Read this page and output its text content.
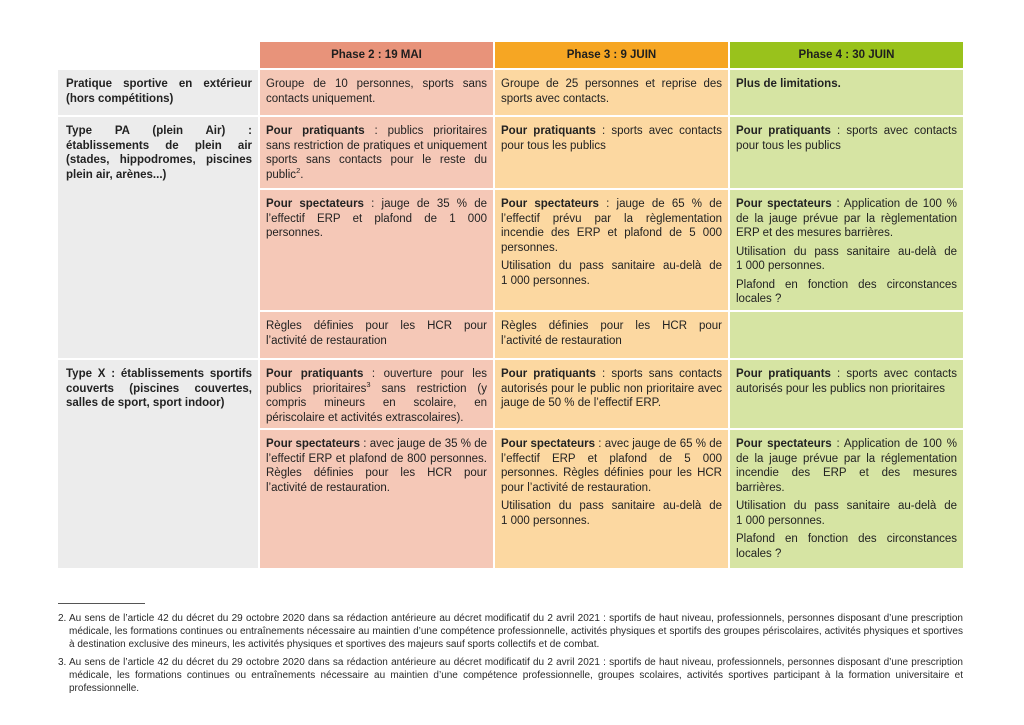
Phase 2 : 19 MAI	Phase 3 : 9 JUIN	Phase 4 : 30 JUIN

Pratique sportive en extérieur (hors compétitions)

Groupe de 10 personnes, sports sans contacts uniquement.

Groupe de 25 personnes et reprise des sports avec contacts.

Plus de limitations.

Type PA (plein Air) : établissements de plein air (stades, hippodromes, piscines plein air, arènes...)

Pour pratiquants : publics prioritaires sans restriction de pratiques et uniquement sports sans contacts pour le reste du public$^2$.

Pour pratiquants : sports avec contacts pour tous les publics

Pour pratiquants : sports avec contacts pour tous les publics

Pour spectateurs : jauge de 35 % de l’effectif ERP et plafond de 1 000 personnes.

Pour spectateurs : jauge de 65 % de l’effectif prévu par la règlementation incendie des ERP et plafond de 5 000 personnes.

Utilisation du pass sanitaire au-delà de 1 000 personnes.

Pour spectateurs : Application de 100 % de la jauge prévue par la règlementation ERP et des mesures barrières.

Utilisation du pass sanitaire au-delà de 1 000 personnes.

Plafond en fonction des circonstances locales ?

Règles définies pour les HCR pour l’activité de restauration

Règles définies pour les HCR pour l’activité de restauration

Type X : établissements sportifs couverts (piscines couvertes, salles de sport, sport indoor)

Pour pratiquants : ouverture pour les publics prioritaires$^3$ sans restriction (y compris mineurs en scolaire, en périscolaire et activités extrascolaires).

Pour pratiquants : sports sans contacts autorisés pour le public non prioritaire avec jauge de 50 % de l’effectif ERP.

Pour pratiquants : sports avec contacts autorisés pour les publics non prioritaires

Pour spectateurs : avec jauge de 35 % de l’effectif ERP et plafond de 800 personnes. Règles définies pour les HCR pour l’activité de restauration.

Pour spectateurs : avec jauge de 65 % de l’effectif ERP et plafond de 5 000 personnes. Règles définies pour les HCR pour l’activité de restauration.

Utilisation du pass sanitaire au-delà de 1 000 personnes.

Pour spectateurs : Application de 100 % de la jauge prévue par la réglementation incendie des ERP et des mesures barrières.

Utilisation du pass sanitaire au-delà de 1 000 personnes.

Plafond en fonction des circonstances locales ?

2. Au sens de l’article 42 du décret du 29 octobre 2020 dans sa rédaction antérieure au décret modificatif du 2 avril 2021 : sportifs de haut niveau, professionnels, personnes disposant d’une prescription médicale, les formations continues ou entraînements nécessaire au maintien d’une compétence professionnelle, activités physiques et sportifs des groupes périscolaires, activités physiques et sportives à destination exclusive des mineurs, les activités physiques et sportives des majeurs sauf sports collectifs et de combat.
3. Au sens de l’article 42 du décret du 29 octobre 2020 dans sa rédaction antérieure au décret modificatif du 2 avril 2021 : sportifs de haut niveau, professionnels, personnes disposant d’une prescription médicale, les formations continues ou entraînements nécessaire au maintien d’une compétence professionnelle, groupes scolaires, activités sportives participant à la formation universitaire et professionnelle.
